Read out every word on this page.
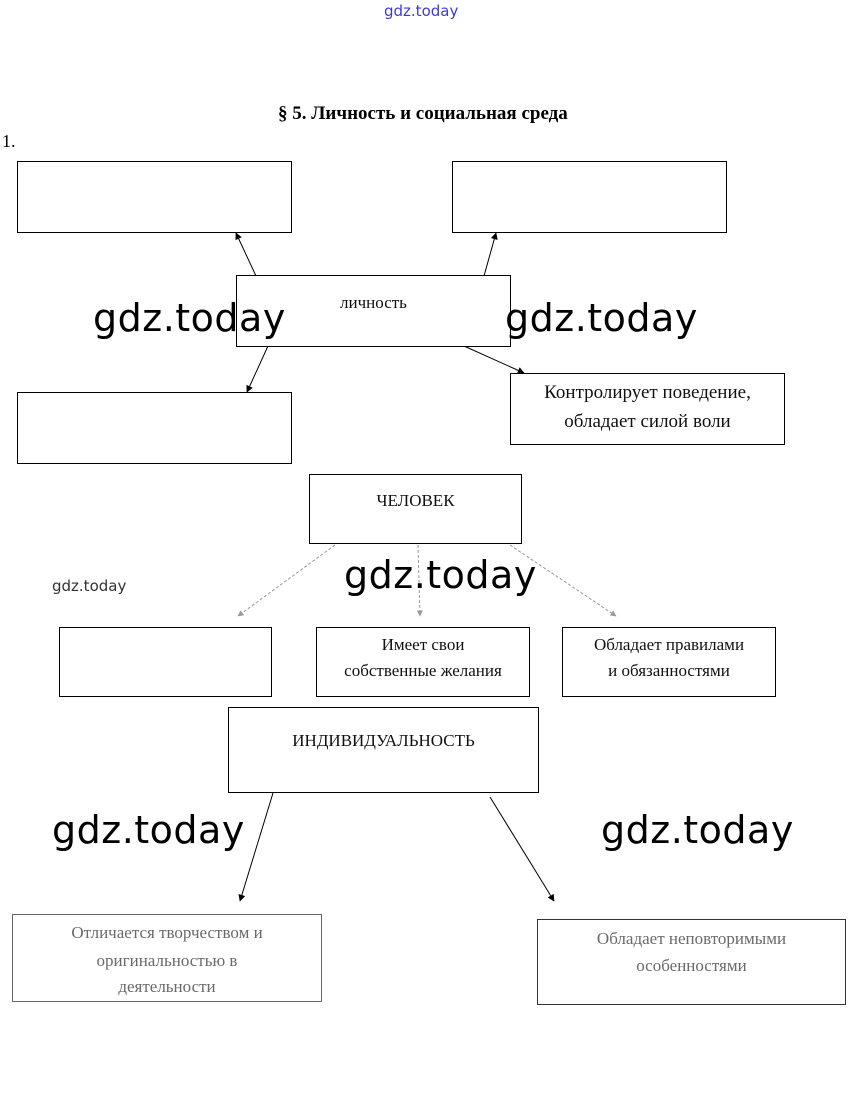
gdz.today
§ 5. Личность и социальная среда
1.
личность
Контролирует поведение,
обладает силой воли
ЧЕЛОВЕК
Имеет свои
собственные желания
Обладает правилами
и обязанностями
ИНДИВИДУАЛЬНОСТЬ
Отличается творчеством и
оригинальностью в
деятельности
Обладает неповторимыми
особенностями
gdz.today	gdz.today
gdz.today
gdz.today
gdz.today	gdz.today
